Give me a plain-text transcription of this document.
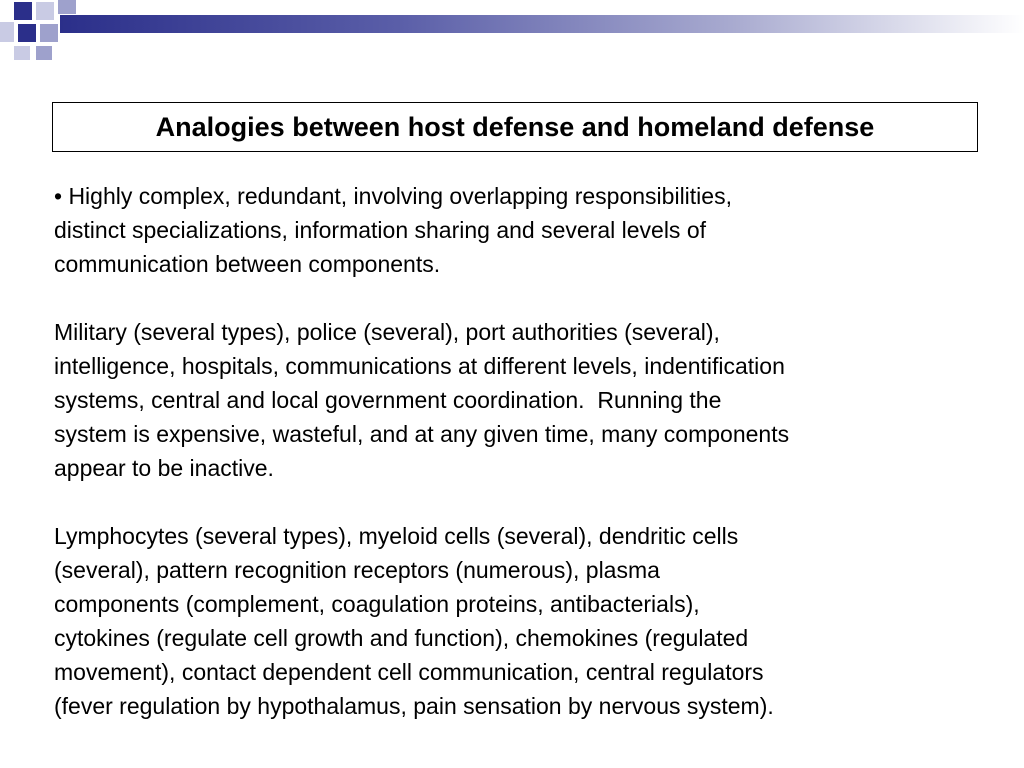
Analogies between host defense and homeland defense

• Highly complex, redundant, involving overlapping responsibilities,
distinct specializations, information sharing and several levels of
communication between components.

Military (several types), police (several), port authorities (several),
intelligence, hospitals, communications at different levels, indentification
systems, central and local government coordination.  Running the
system is expensive, wasteful, and at any given time, many components
appear to be inactive.

Lymphocytes (several types), myeloid cells (several), dendritic cells
(several), pattern recognition receptors (numerous), plasma
components (complement, coagulation proteins, antibacterials),
cytokines (regulate cell growth and function), chemokines (regulated
movement), contact dependent cell communication, central regulators
(fever regulation by hypothalamus, pain sensation by nervous system).
